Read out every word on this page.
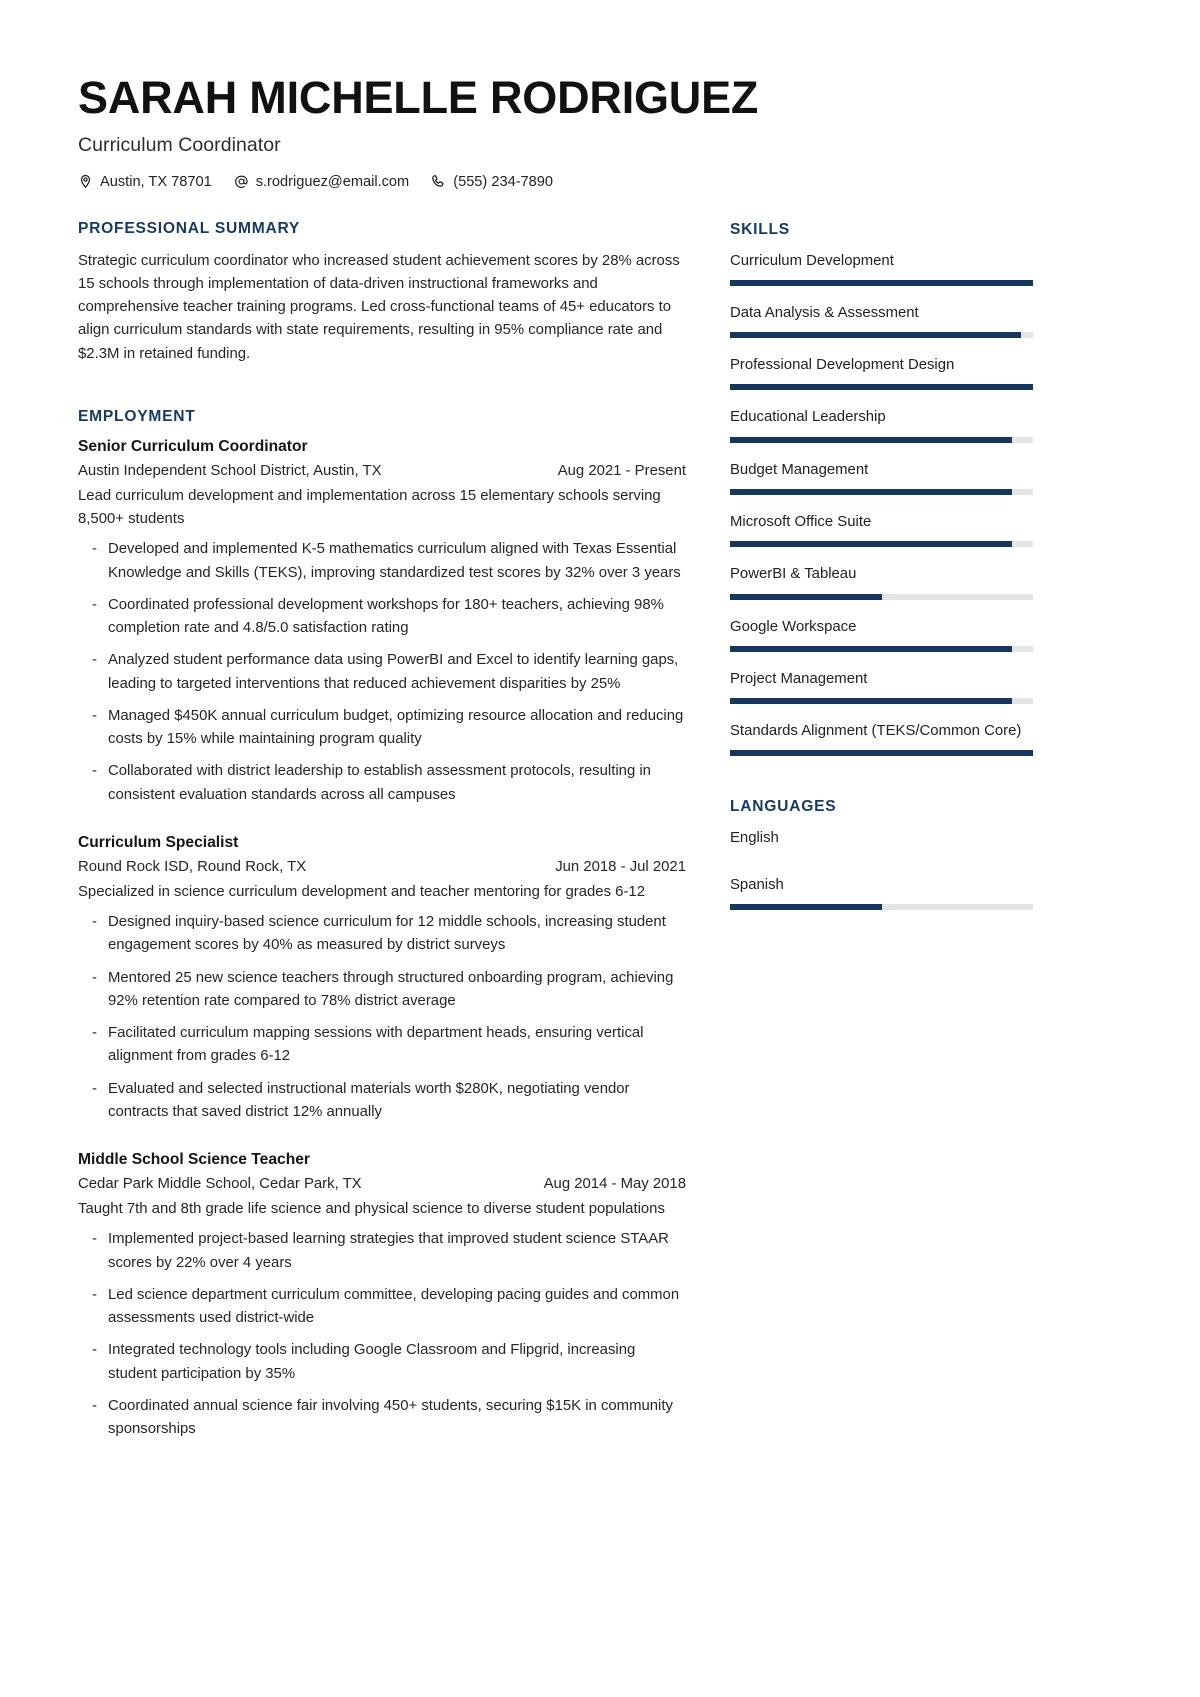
SARAH MICHELLE RODRIGUEZ
Curriculum Coordinator
Austin, TX 78701	s.rodriguez@email.com	(555) 234-7890
PROFESSIONAL SUMMARY
Strategic curriculum coordinator who increased student achievement scores by 28% across 15 schools through implementation of data-driven instructional frameworks and comprehensive teacher training programs. Led cross-functional teams of 45+ educators to align curriculum standards with state requirements, resulting in 95% compliance rate and $2.3M in retained funding.
EMPLOYMENT
Senior Curriculum Coordinator
Austin Independent School District, Austin, TX	Aug 2021 - Present
Lead curriculum development and implementation across 15 elementary schools serving 8,500+ students
- Developed and implemented K-5 mathematics curriculum aligned with Texas Essential Knowledge and Skills (TEKS), improving standardized test scores by 32% over 3 years
- Coordinated professional development workshops for 180+ teachers, achieving 98% completion rate and 4.8/5.0 satisfaction rating
- Analyzed student performance data using PowerBI and Excel to identify learning gaps, leading to targeted interventions that reduced achievement disparities by 25%
- Managed $450K annual curriculum budget, optimizing resource allocation and reducing costs by 15% while maintaining program quality
- Collaborated with district leadership to establish assessment protocols, resulting in consistent evaluation standards across all campuses
Curriculum Specialist
Round Rock ISD, Round Rock, TX	Jun 2018 - Jul 2021
Specialized in science curriculum development and teacher mentoring for grades 6-12
- Designed inquiry-based science curriculum for 12 middle schools, increasing student engagement scores by 40% as measured by district surveys
- Mentored 25 new science teachers through structured onboarding program, achieving 92% retention rate compared to 78% district average
- Facilitated curriculum mapping sessions with department heads, ensuring vertical alignment from grades 6-12
- Evaluated and selected instructional materials worth $280K, negotiating vendor contracts that saved district 12% annually
Middle School Science Teacher
Cedar Park Middle School, Cedar Park, TX	Aug 2014 - May 2018
Taught 7th and 8th grade life science and physical science to diverse student populations
- Implemented project-based learning strategies that improved student science STAAR scores by 22% over 4 years
- Led science department curriculum committee, developing pacing guides and common assessments used district-wide
- Integrated technology tools including Google Classroom and Flipgrid, increasing student participation by 35%
- Coordinated annual science fair involving 450+ students, securing $15K in community sponsorships
SKILLS
Curriculum Development
Data Analysis & Assessment
Professional Development Design
Educational Leadership
Budget Management
Microsoft Office Suite
PowerBI & Tableau
Google Workspace
Project Management
Standards Alignment (TEKS/Common Core)
LANGUAGES
English
Spanish
